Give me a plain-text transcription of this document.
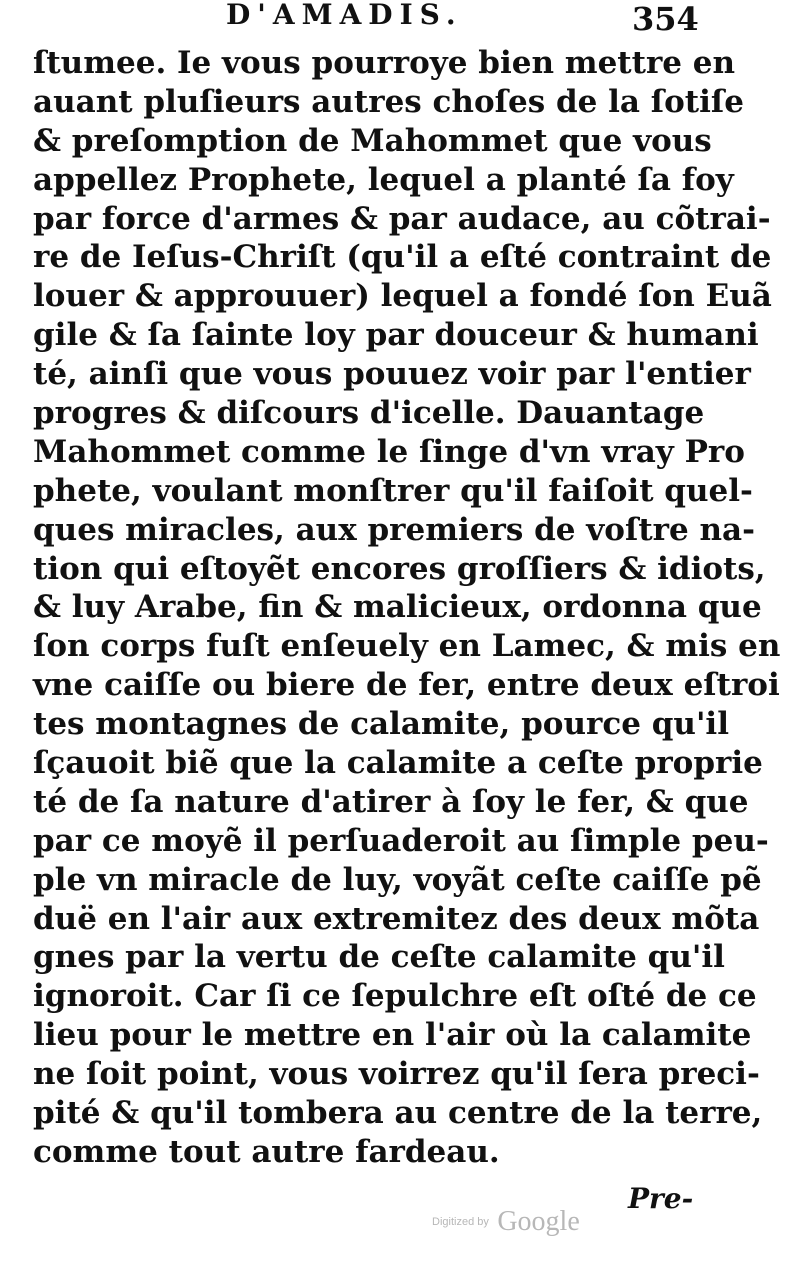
D'AMADIS.	354
ſtumee. Ie vous pourroye bien mettre en
auant pluſieurs autres choſes de la ſotiſe
& preſomption de Mahommet que vous
appellez Prophete, lequel a planté ſa foy
par force d'armes & par audace, au cõtrai-
re de Ieſus-Chriſt (qu'il a eſté contraint de
louer & approuuer) lequel a fondé ſon Euã
gile & ſa ſainte loy par douceur & humani
té, ainſi que vous pouuez voir par l'entier
progres & diſcours d'icelle. Dauantage
Mahommet comme le ſinge d'vn vray Pro
phete, voulant monſtrer qu'il faiſoit quel-
ques miracles, aux premiers de voſtre na-
tion qui eſtoyẽt encores groſſiers & idiots,
& luy Arabe, fin & malicieux, ordonna que
ſon corps fuſt enſeuely en Lamec, & mis en
vne caiſſe ou biere de fer, entre deux eſtroi
tes montagnes de calamite, pource qu'il
ſçauoit biẽ que la calamite a ceſte proprie
té de ſa nature d'atirer à ſoy le fer, & que
par ce moyẽ il perſuaderoit au ſimple peu-
ple vn miracle de luy, voyãt ceſte caiſſe pẽ
duë en l'air aux extremitez des deux mõta
gnes par la vertu de ceſte calamite qu'il
ignoroit. Car ſi ce ſepulchre eſt oſté de ce
lieu pour le mettre en l'air où la calamite
ne ſoit point, vous voirrez qu'il ſera preci-
pité & qu'il tombera au centre de la terre,
comme tout autre fardeau.
Pre-
Digitized by Google
